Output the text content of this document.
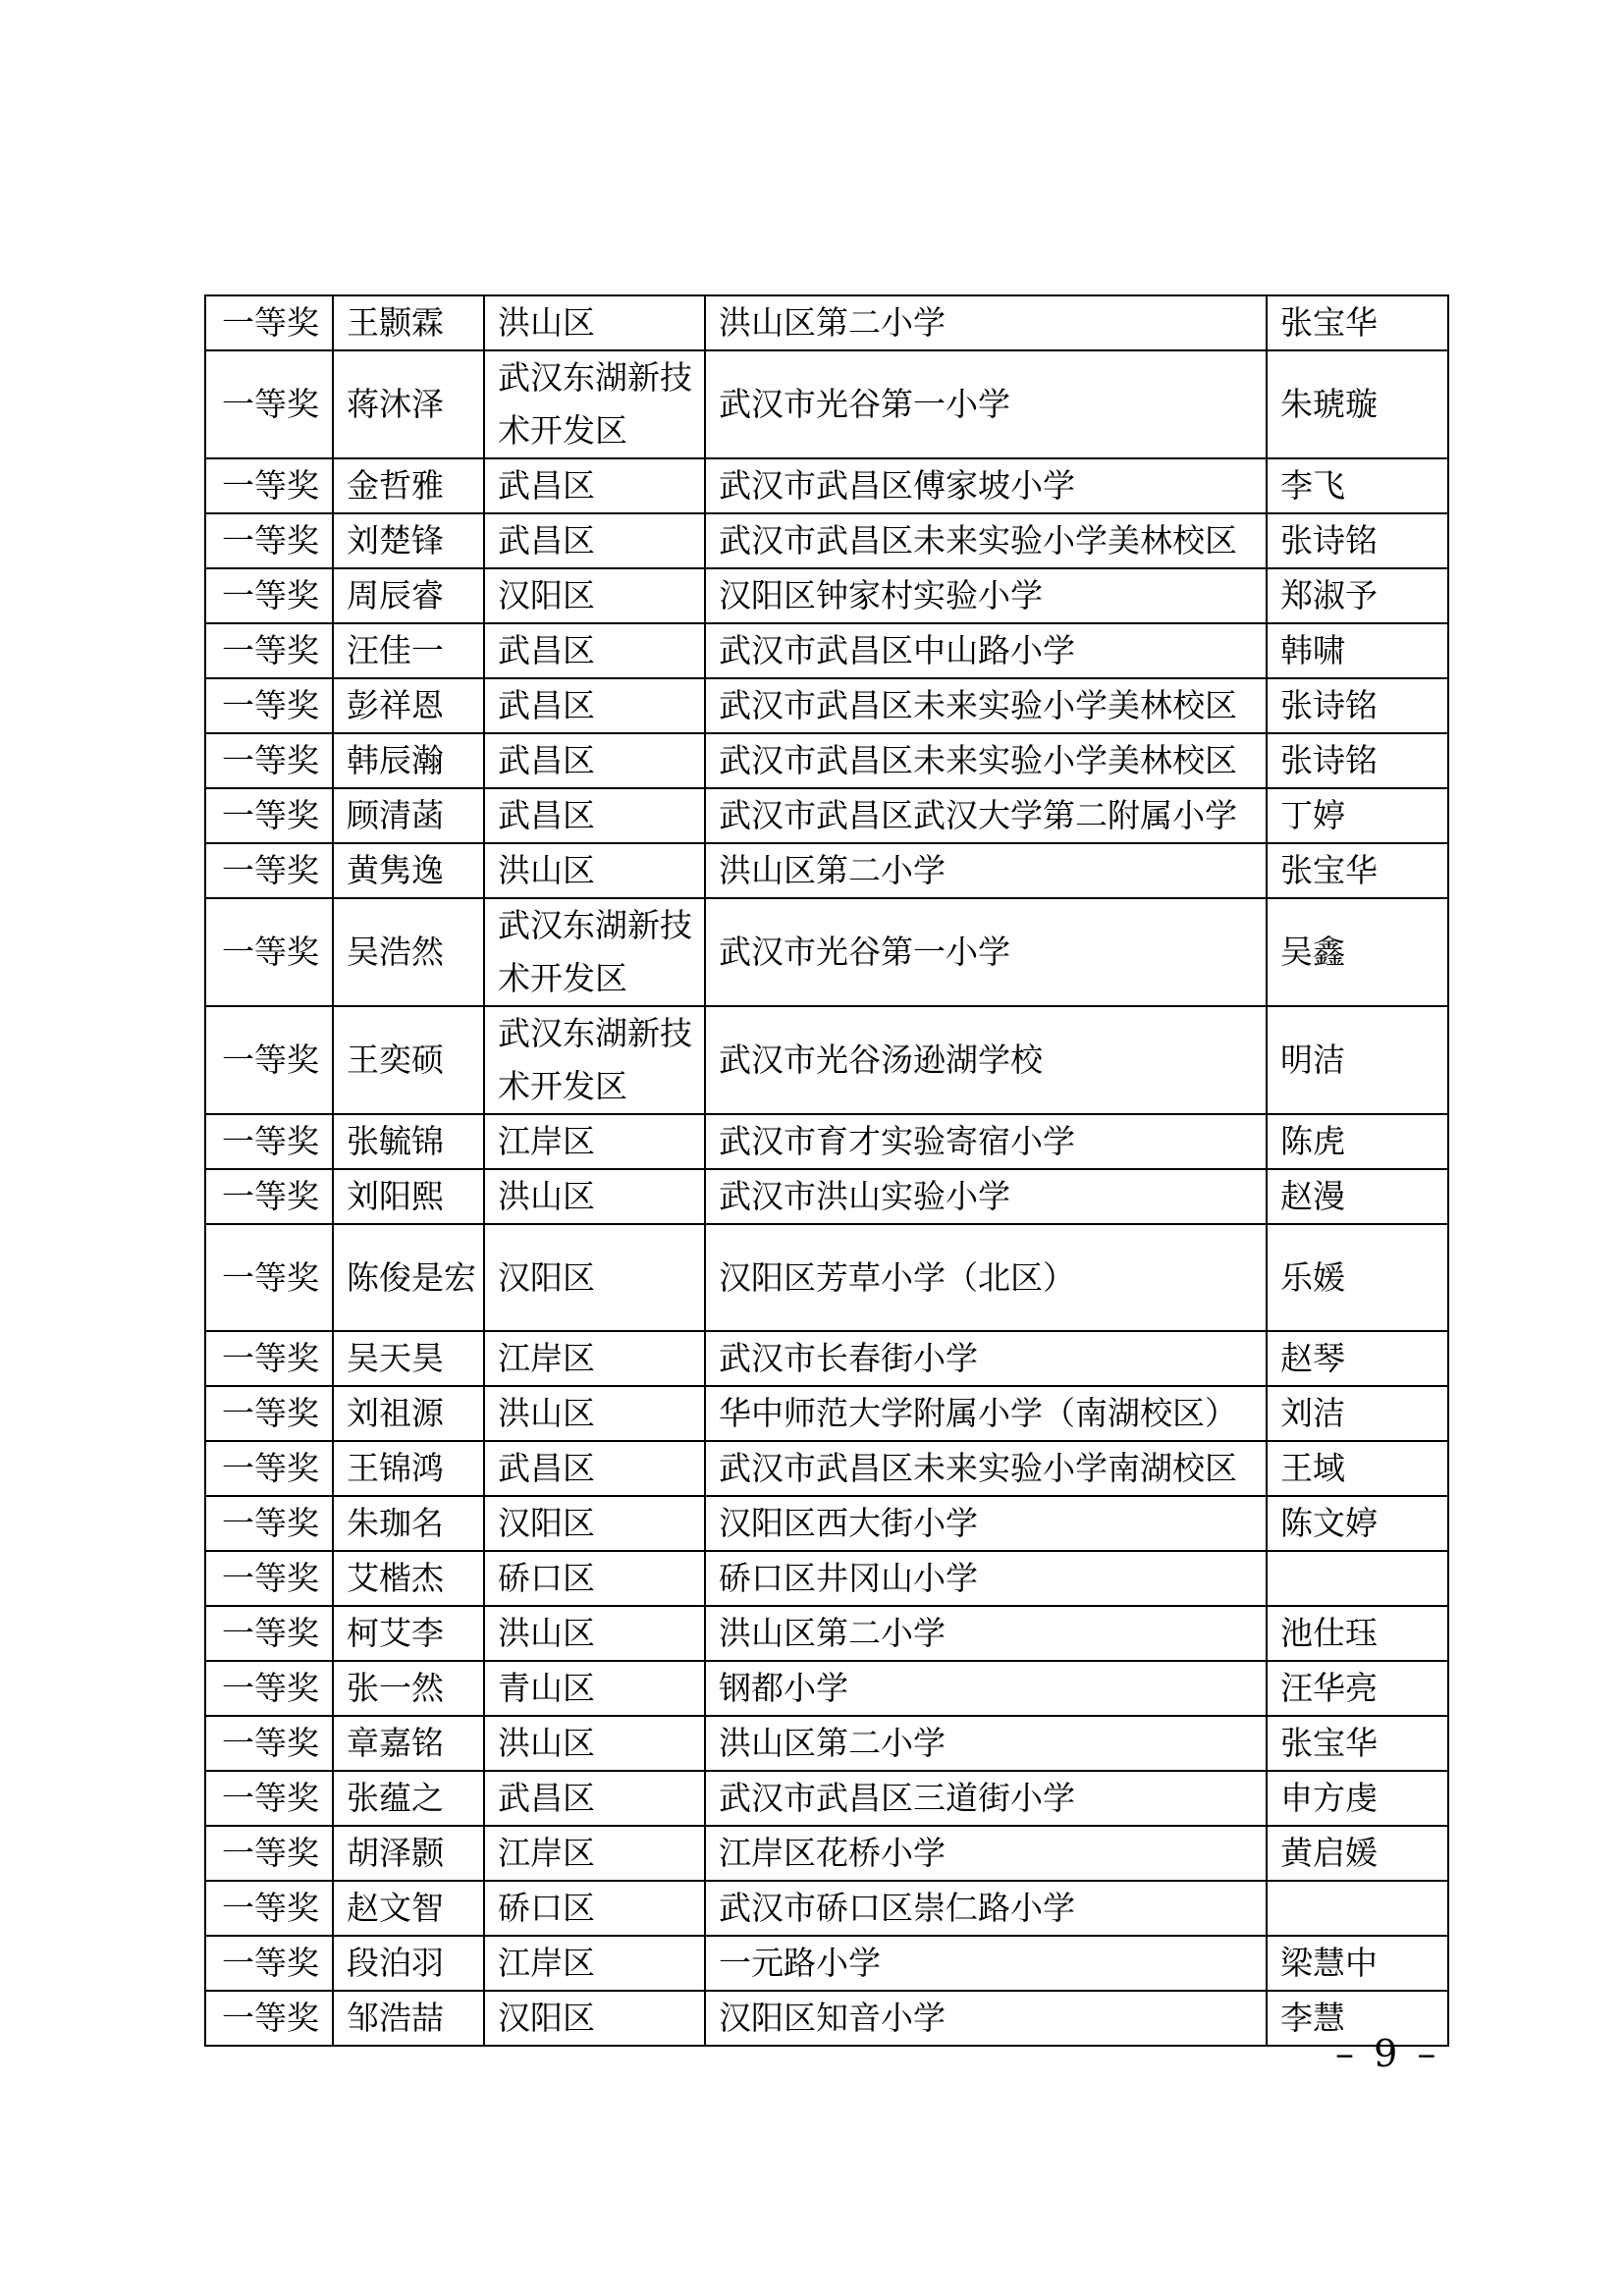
一等奖	王颢霖	洪山区	洪山区第二小学	张宝华
一等奖	蒋沐泽	武汉东湖新技术开发区	武汉市光谷第一小学	朱琥璇
一等奖	金哲雅	武昌区	武汉市武昌区傅家坡小学	李飞
一等奖	刘楚锋	武昌区	武汉市武昌区未来实验小学美林校区	张诗铭
一等奖	周辰睿	汉阳区	汉阳区钟家村实验小学	郑淑予
一等奖	汪佳一	武昌区	武汉市武昌区中山路小学	韩啸
一等奖	彭祥恩	武昌区	武汉市武昌区未来实验小学美林校区	张诗铭
一等奖	韩辰瀚	武昌区	武汉市武昌区未来实验小学美林校区	张诗铭
一等奖	顾清菡	武昌区	武汉市武昌区武汉大学第二附属小学	丁婷
一等奖	黄隽逸	洪山区	洪山区第二小学	张宝华
一等奖	吴浩然	武汉东湖新技术开发区	武汉市光谷第一小学	吴鑫
一等奖	王奕硕	武汉东湖新技术开发区	武汉市光谷汤逊湖学校	明洁
一等奖	张毓锦	江岸区	武汉市育才实验寄宿小学	陈虎
一等奖	刘阳熙	洪山区	武汉市洪山实验小学	赵漫
一等奖	陈俊是宏	汉阳区	汉阳区芳草小学（北区）	乐媛
一等奖	吴天昊	江岸区	武汉市长春街小学	赵琴
一等奖	刘祖源	洪山区	华中师范大学附属小学（南湖校区）	刘洁
一等奖	王锦鸿	武昌区	武汉市武昌区未来实验小学南湖校区	王域
一等奖	朱珈名	汉阳区	汉阳区西大街小学	陈文婷
一等奖	艾楷杰	硚口区	硚口区井冈山小学	
一等奖	柯艾李	洪山区	洪山区第二小学	池仕珏
一等奖	张一然	青山区	钢都小学	汪华亮
一等奖	章嘉铭	洪山区	洪山区第二小学	张宝华
一等奖	张蕴之	武昌区	武汉市武昌区三道街小学	申方虔
一等奖	胡泽颢	江岸区	江岸区花桥小学	黄启媛
一等奖	赵文智	硚口区	武汉市硚口区崇仁路小学	
一等奖	段泊羽	江岸区	一元路小学	梁慧中
一等奖	邹浩喆	汉阳区	汉阳区知音小学	李慧
– 9 –
